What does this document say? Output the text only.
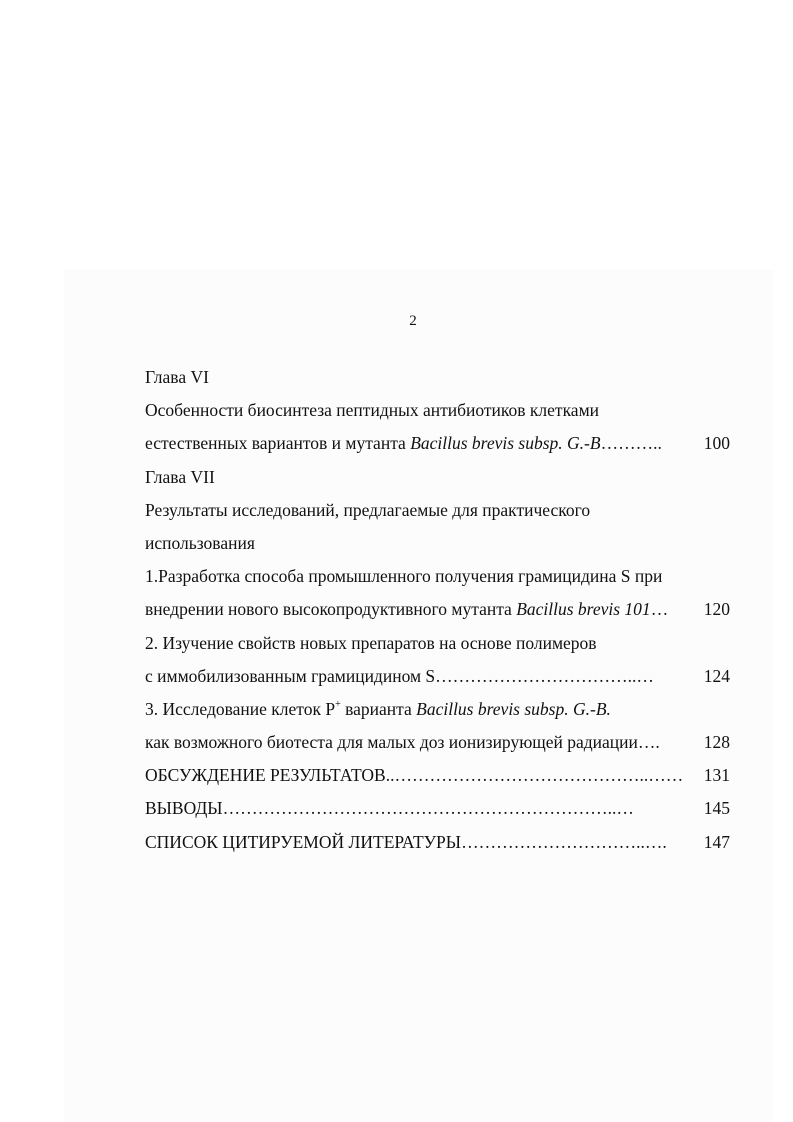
2

Глава VI
Особенности биосинтеза пептидных антибиотиков клетками
естественных вариантов и мутанта Bacillus brevis subsp. G.-B ………..	100
Глава VII
Результаты исследований, предлагаемые для практического
использования
1.Разработка способа промышленного получения грамицидина S при
внедрении нового высокопродуктивного мутанта Bacillus brevis 101 …	120
2. Изучение свойств новых препаратов на основе полимеров
с иммобилизованным грамицидином S ……………………………..…	124
3. Исследование клеток P+ варианта Bacillus brevis subsp. G.-B.
как возможного биотеста для малых доз ионизирующей радиации ….	128
ОБСУЖДЕНИЕ РЕЗУЛЬТАТОВ.. ……………………………………..……	131
ВЫВОДЫ …………………………………………………………..…	145
СПИСОК ЦИТИРУЕМОЙ ЛИТЕРАТУРЫ …………………………..….	147
